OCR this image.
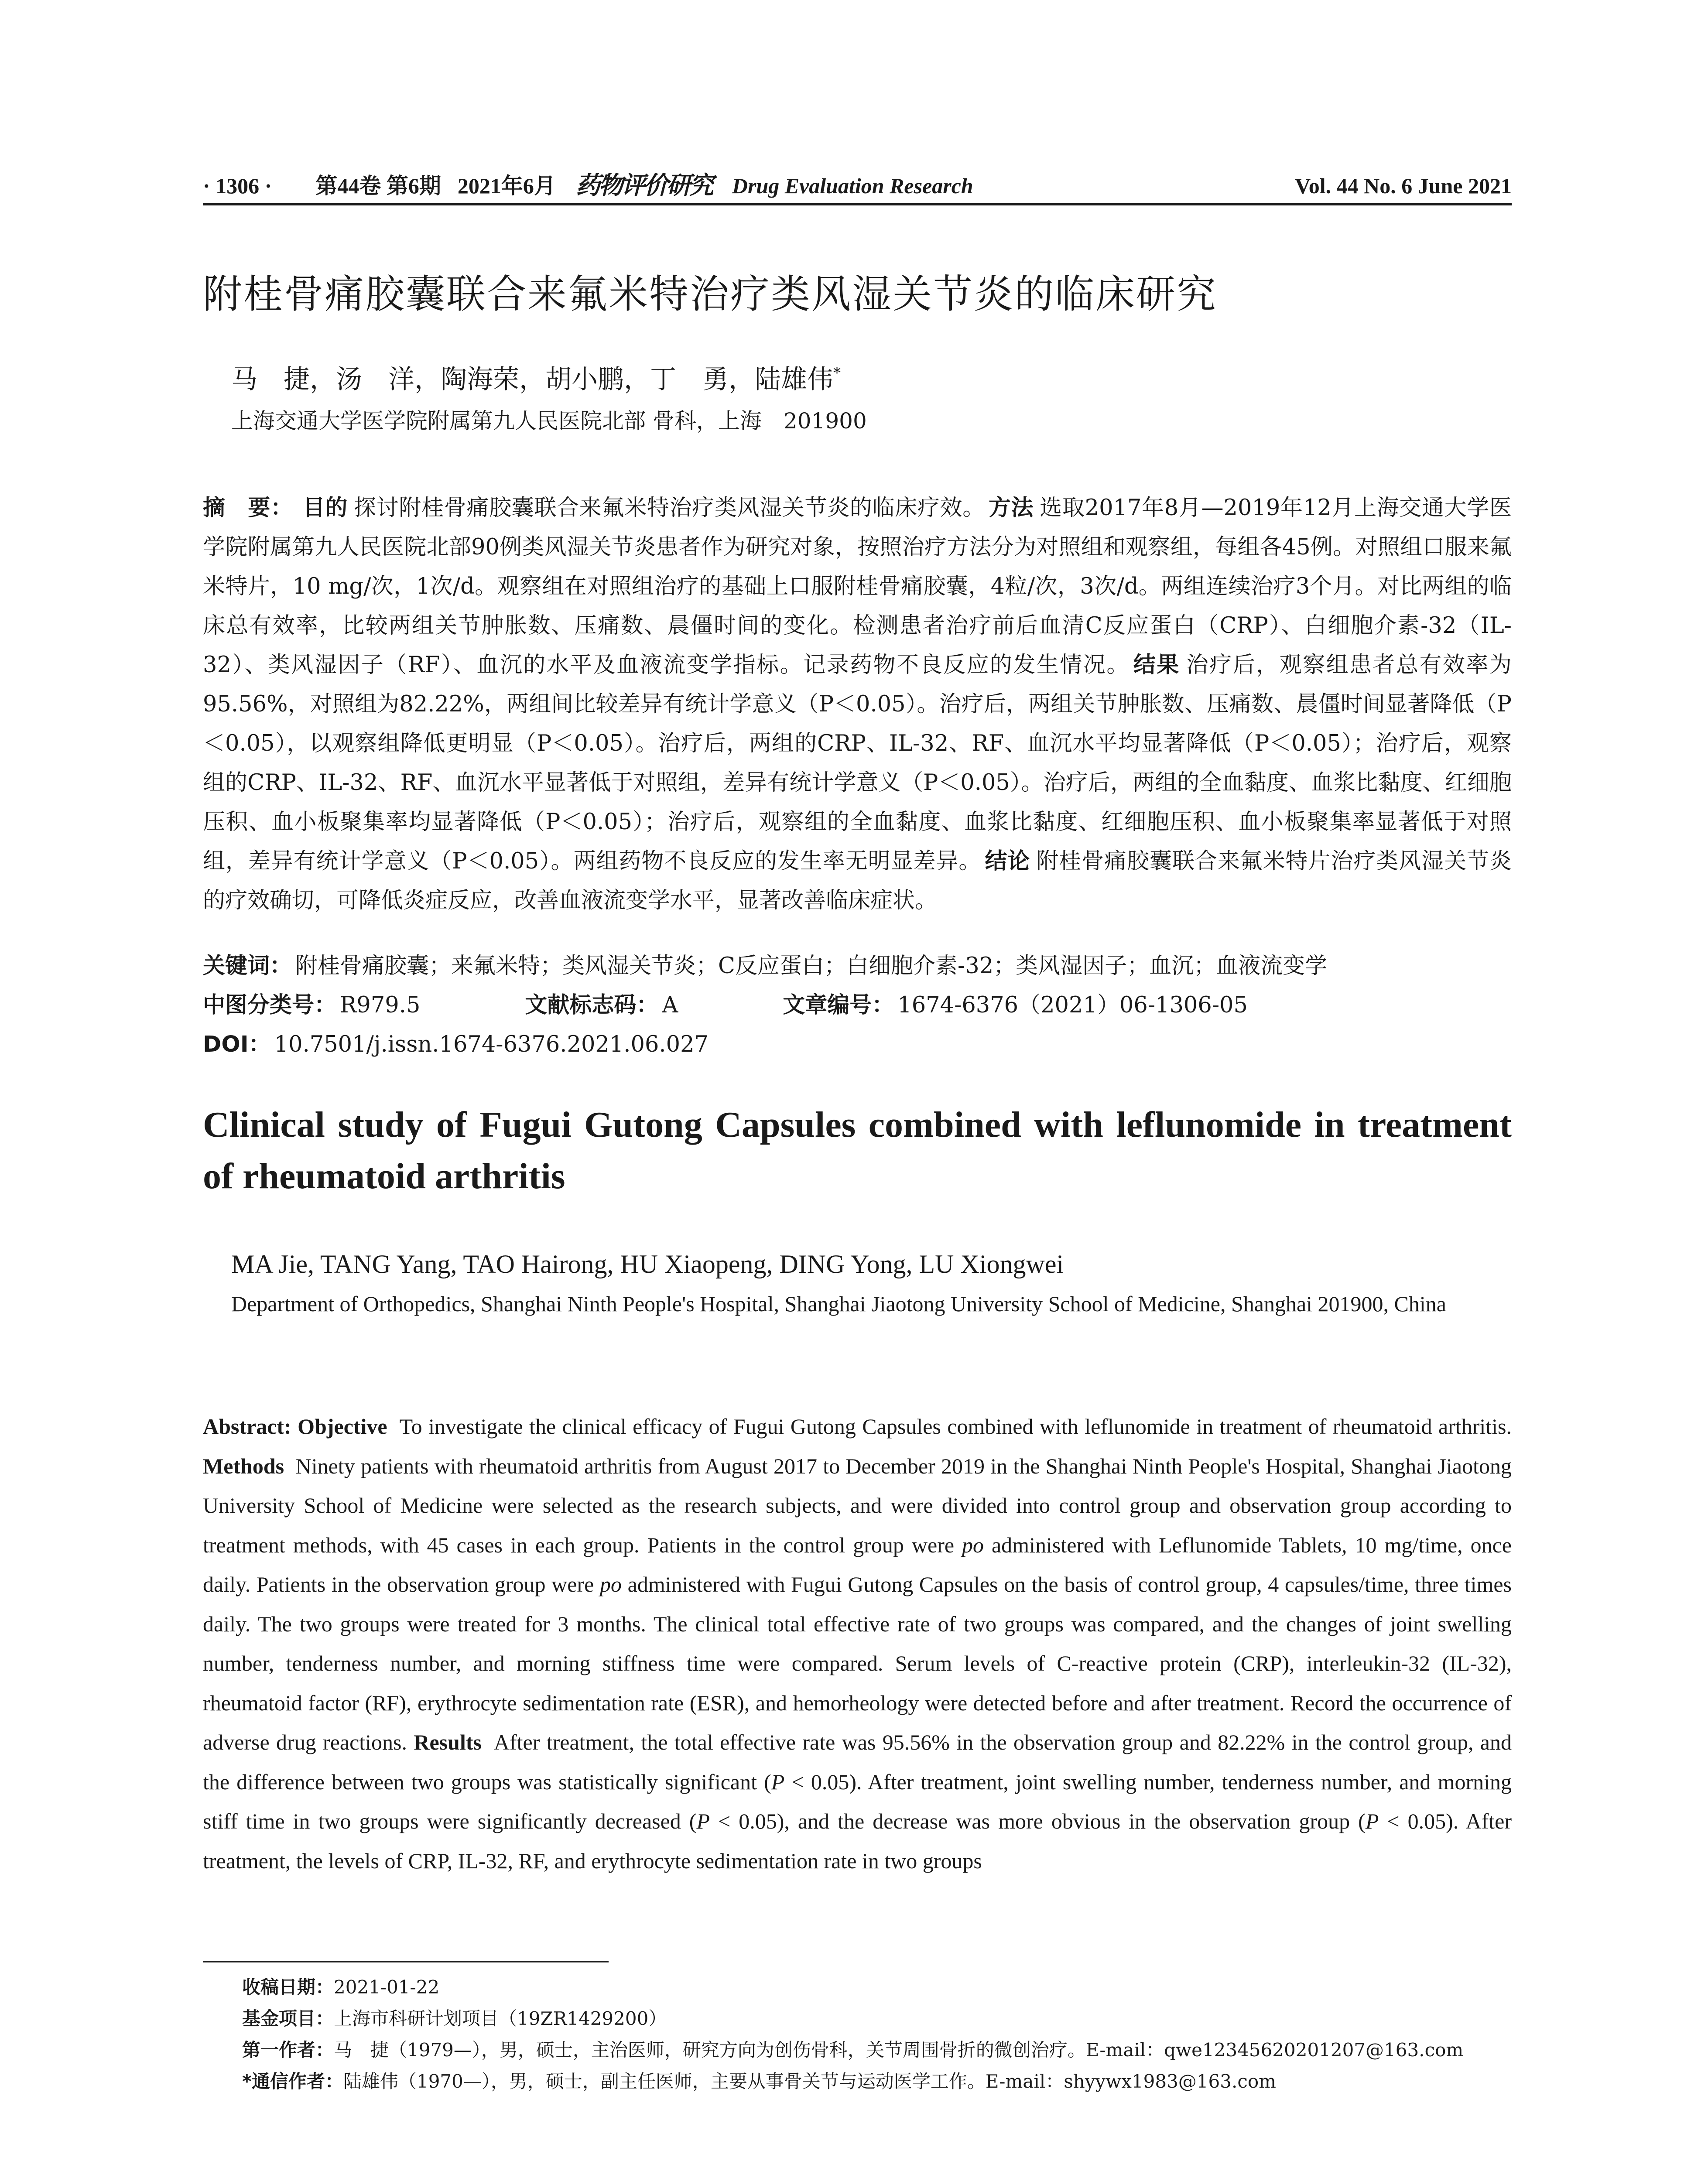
· 1306 · 第44卷 第6期 2021年6月 药物评价研究 Drug Evaluation Research	Vol. 44 No. 6 June 2021
附桂骨痛胶囊联合来氟米特治疗类风湿关节炎的临床研究
马　捷，汤　洋，陶海荣，胡小鹏，丁　勇，陆雄伟*
上海交通大学医学院附属第九人民医院北部 骨科，上海　201900
摘　要： 目的 探讨附桂骨痛胶囊联合来氟米特治疗类风湿关节炎的临床疗效。 方法 选取2017年8月—2019年12月上海交通大学医学院附属第九人民医院北部90例类风湿关节炎患者作为研究对象，按照治疗方法分为对照组和观察组，每组各45例。对照组口服来氟米特片，10 mg/次，1次/d。观察组在对照组治疗的基础上口服附桂骨痛胶囊，4粒/次，3次/d。两组连续治疗3个月。对比两组的临床总有效率，比较两组关节肿胀数、压痛数、晨僵时间的变化。检测患者治疗前后血清C反应蛋白（CRP）、白细胞介素-32（IL-32）、类风湿因子（RF）、血沉的水平及血液流变学指标。记录药物不良反应的发生情况。 结果 治疗后，观察组患者总有效率为95.56%，对照组为82.22%，两组间比较差异有统计学意义（P＜0.05）。治疗后，两组关节肿胀数、压痛数、晨僵时间显著降低（P＜0.05），以观察组降低更明显（P＜0.05）。治疗后，两组的CRP、IL-32、RF、血沉水平均显著降低（P＜0.05）；治疗后，观察组的CRP、IL-32、RF、血沉水平显著低于对照组，差异有统计学意义（P＜0.05）。治疗后，两组的全血黏度、血浆比黏度、红细胞压积、血小板聚集率均显著降低（P＜0.05）；治疗后，观察组的全血黏度、血浆比黏度、红细胞压积、血小板聚集率显著低于对照组，差异有统计学意义（P＜0.05）。两组药物不良反应的发生率无明显差异。 结论 附桂骨痛胶囊联合来氟米特片治疗类风湿关节炎的疗效确切，可降低炎症反应，改善血液流变学水平，显著改善临床症状。
关键词： 附桂骨痛胶囊；来氟米特；类风湿关节炎；C反应蛋白；白细胞介素-32；类风湿因子；血沉；血液流变学
中图分类号： R979.5	文献标志码： A	文章编号： 1674-6376（2021）06-1306-05
DOI： 10.7501/j.issn.1674-6376.2021.06.027
Clinical study of Fugui Gutong Capsules combined with leflunomide in treatment of rheumatoid arthritis
MA Jie, TANG Yang, TAO Hairong, HU Xiaopeng, DING Yong, LU Xiongwei
Department of Orthopedics, Shanghai Ninth People's Hospital, Shanghai Jiaotong University School of Medicine, Shanghai 201900, China
Abstract: Objective To investigate the clinical efficacy of Fugui Gutong Capsules combined with leflunomide in treatment of rheumatoid arthritis. Methods Ninety patients with rheumatoid arthritis from August 2017 to December 2019 in the Shanghai Ninth People's Hospital, Shanghai Jiaotong University School of Medicine were selected as the research subjects, and were divided into control group and observation group according to treatment methods, with 45 cases in each group. Patients in the control group were po administered with Leflunomide Tablets, 10 mg/time, once daily. Patients in the observation group were po administered with Fugui Gutong Capsules on the basis of control group, 4 capsules/time, three times daily. The two groups were treated for 3 months. The clinical total effective rate of two groups was compared, and the changes of joint swelling number, tenderness number, and morning stiffness time were compared. Serum levels of C-reactive protein (CRP), interleukin-32 (IL-32), rheumatoid factor (RF), erythrocyte sedimentation rate (ESR), and hemorheology were detected before and after treatment. Record the occurrence of adverse drug reactions. Results After treatment, the total effective rate was 95.56% in the observation group and 82.22% in the control group, and the difference between two groups was statistically significant (P < 0.05). After treatment, joint swelling number, tenderness number, and morning stiff time in two groups were significantly decreased (P < 0.05), and the decrease was more obvious in the observation group (P < 0.05). After treatment, the levels of CRP, IL-32, RF, and erythrocyte sedimentation rate in two groups
收稿日期：2021-01-22
基金项目：上海市科研计划项目（19ZR1429200）
第一作者：马　捷（1979—），男，硕士，主治医师，研究方向为创伤骨科，关节周围骨折的微创治疗。E-mail：qwe12345620201207@163.com
*通信作者：陆雄伟（1970—），男，硕士，副主任医师，主要从事骨关节与运动医学工作。E-mail：shyywx1983@163.com
